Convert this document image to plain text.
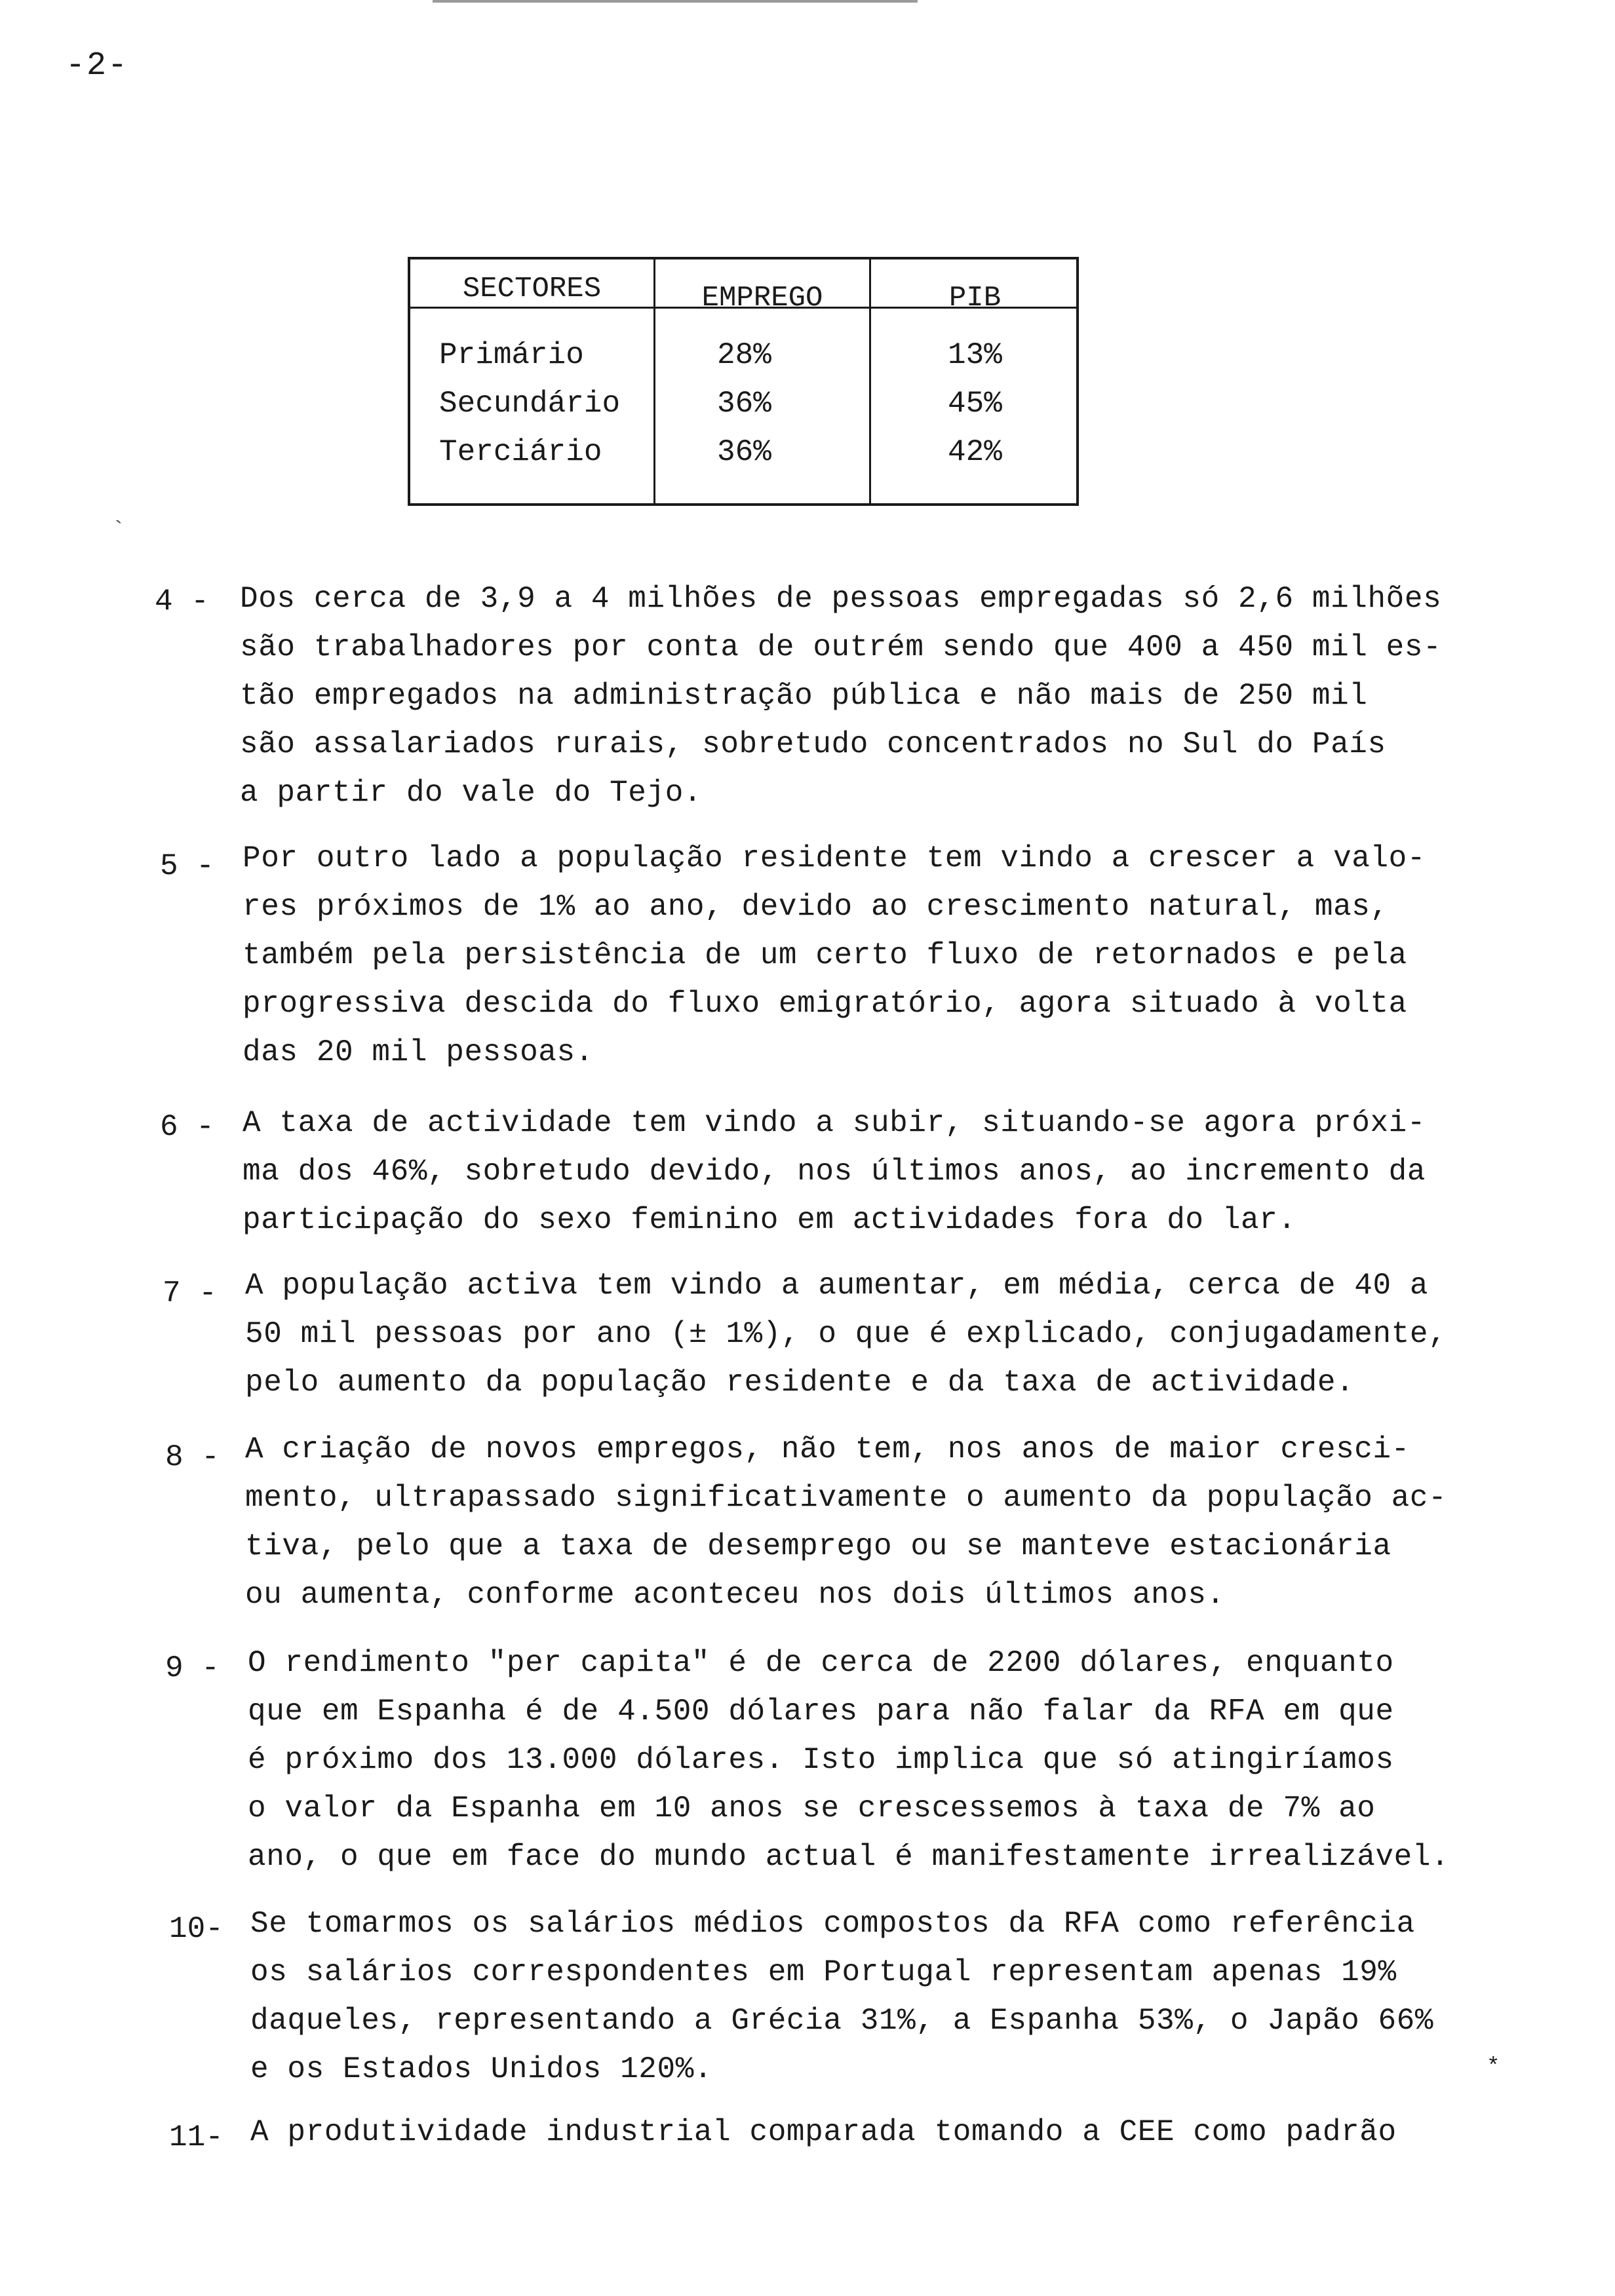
-2-
SECTORES	EMPREGO	PIB
Primário	28%	13%
Secundário	36%	45%
Terciário	36%	42%
`
4 - Dos cerca de 3,9 a 4 milhões de pessoas empregadas só 2,6 milhões
são trabalhadores por conta de outrém sendo que 400 a 450 mil es-
tão empregados na administração pública e não mais de 250 mil
são assalariados rurais, sobretudo concentrados no Sul do País
a partir do vale do Tejo.
5 - Por outro lado a população residente tem vindo a crescer a valo-
res próximos de 1% ao ano, devido ao crescimento natural, mas,
também pela persistência de um certo fluxo de retornados e pela
progressiva descida do fluxo emigratório, agora situado à volta
das 20 mil pessoas.
6 - A taxa de actividade tem vindo a subir, situando-se agora próxi-
ma dos 46%, sobretudo devido, nos últimos anos, ao incremento da
participação do sexo feminino em actividades fora do lar.
7 - A população activa tem vindo a aumentar, em média, cerca de 40 a
50 mil pessoas por ano (± 1%), o que é explicado, conjugadamente,
pelo aumento da população residente e da taxa de actividade.
8 - A criação de novos empregos, não tem, nos anos de maior cresci-
mento, ultrapassado significativamente o aumento da população ac-
tiva, pelo que a taxa de desemprego ou se manteve estacionária
ou aumenta, conforme aconteceu nos dois últimos anos.
9 - O rendimento "per capita" é de cerca de 2200 dólares, enquanto
que em Espanha é de 4.500 dólares para não falar da RFA em que
é próximo dos 13.000 dólares. Isto implica que só atingiríamos
o valor da Espanha em 10 anos se crescessemos à taxa de 7% ao
ano, o que em face do mundo actual é manifestamente irrealizável.
10- Se tomarmos os salários médios compostos da RFA como referência
os salários correspondentes em Portugal representam apenas 19%
daqueles, representando a Grécia 31%, a Espanha 53%, o Japão 66%
e os Estados Unidos 120%.
11- A produtividade industrial comparada tomando a CEE como padrão
*
